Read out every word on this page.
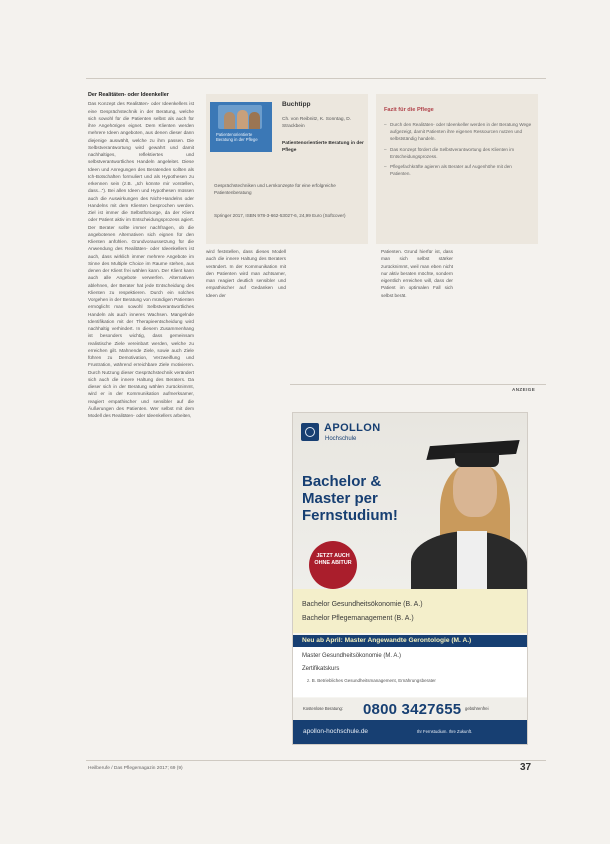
Der Realitäten- oder Ideenkeller

Das Konzept des Realitäten- oder Ideenkellers ist eine Gesprächstechnik in der Beratung, welche sich sowohl für die Patienten selbst als auch für ihre Angehörigen eignet. Dem Klienten werden mehrere Ideen angeboten, aus denen dieser dann diejenige auswählt, welche zu ihm passen. Die Selbstverantwortung wird gewahrt und damit nachhaltiges, reflektiertes und selbstverantwortliches Handeln angeleitet. Diese Ideen und Anregungen des Beratenden sollten als Ich-Botschaften formuliert und als Hypothesen zu erkennen sein (z.B. „Ich könnte mir vorstellen, dass...“). Bei allen Ideen und Hypothesen müssen auch die Auswirkungen des Nicht-Handelns oder Handelns mit dem Klienten besprochen werden. Ziel ist immer die Selbstfürsorge, da der Klient oder Patient aktiv im Entscheidungsprozess agiert. Der Berater sollte immer nachfragen, ob die angebotenen Alternativen sich eignen für den Klienten anfühlen. Grundvoraussetzung für die Anwendung des Realitäten- oder Ideenkellers ist auch, dass wirklich immer mehrere Angebote im Sinne des Multiple Choice im Raume stehen, aus denen der Klient frei wählen kann. Der Klient kann auch alle Angebote verwerfen. Alternativen ablehnen, der Berater hat jede Entscheidung des Klienten zu respektieren. Durch ein solches Vorgehen in der Beratung von mündigen Patienten ermöglicht man sowohl Selbstverantwortliches Handeln als auch inneres Wachsen. Mangelnde Identifikation mit der Therapieentscheidung wird nachhaltig verhindert. In diesem Zusammenhang ist besonders wichtig, dass gemeinsam realistische Ziele vereinbart werden, welche zu erreichen gilt. Mahnende Ziele, sowie auch Ziele führen zu Demotivation, Verzweiflung und Frustration, während erreichbare Ziele motivieren. Durch Nutzung dieser Gesprächstechnik verändert sich auch die innere Haltung des Beraters. Da dieser sich in der Beratung wählen zurücknimmt, wird er in der Kommunikation aufmerksamer, reagiert empathischer und sensibler auf die Äußerungen des Patienten. Wer selbst mit dem Modell des Realitäten- oder Ideenkellers arbeiten,

Patientenorientierte Beratung in der Pflege
Buchtipp
Ch. von Reibnitz, K. Sonntag, D. Strackbein
Patientenorientierte Beratung in der Pflege
Gesprächstechniken und Lernkonzepte für eine erfolgreiche Patientenberatung
Springer 2017, ISBN 978-3-662-53027-6, 24,99 Euro (Softcover)
Fazit für die Pflege
– Durch den Realitäten- oder Ideenkeller werden in der Beratung Wege aufgezeigt, damit Patienten ihre eigenen Ressourcen nutzen und selbstständig handeln.
– Das Konzept fördert die Selbstverantwortung des Klienten im Entscheidungsprozess.
– Pflegefachkräfte agieren als Berater auf Augenhöhe mit den Patienten.
wird feststellen, dass dieses Modell auch die innere Haltung des Beraters verändert. In der Kommunikation mit den Patienten wird man achtsamer, man reagiert deutlich sensibler und empathischer auf Gedanken und Ideen der
Patienten. Grund hierfür ist, dass man sich selbst stärker zurücknimmt, weil man eben nicht nur aktiv beraten möchte, sondern eigentlich erreichen will, dass der Patient im optimalen Fall sich selbst berät.
ANZEIGE
APOLLON
Hochschule
Bachelor &
Master per
Fernstudium!
JETZT AUCH OHNE ABITUR
Bachelor Gesundheitsökonomie (B. A.)
Bachelor Pflegemanagement (B. A.)
Neu ab April: Master Angewandte Gerontologie (M. A.)
Master Gesundheitsökonomie (M. A.)
Zertifikatskurs
z. B. Betriebliches Gesundheitsmanagement, Ernährungsberater
Kostenlose Beratung: 0800 3427655 gebührenfrei
apollon-hochschule.de	Ihr Fernstudium. Ihre Zukunft.
Heilberufe / Das Pflegemagazin 2017; 69 (9)	37
